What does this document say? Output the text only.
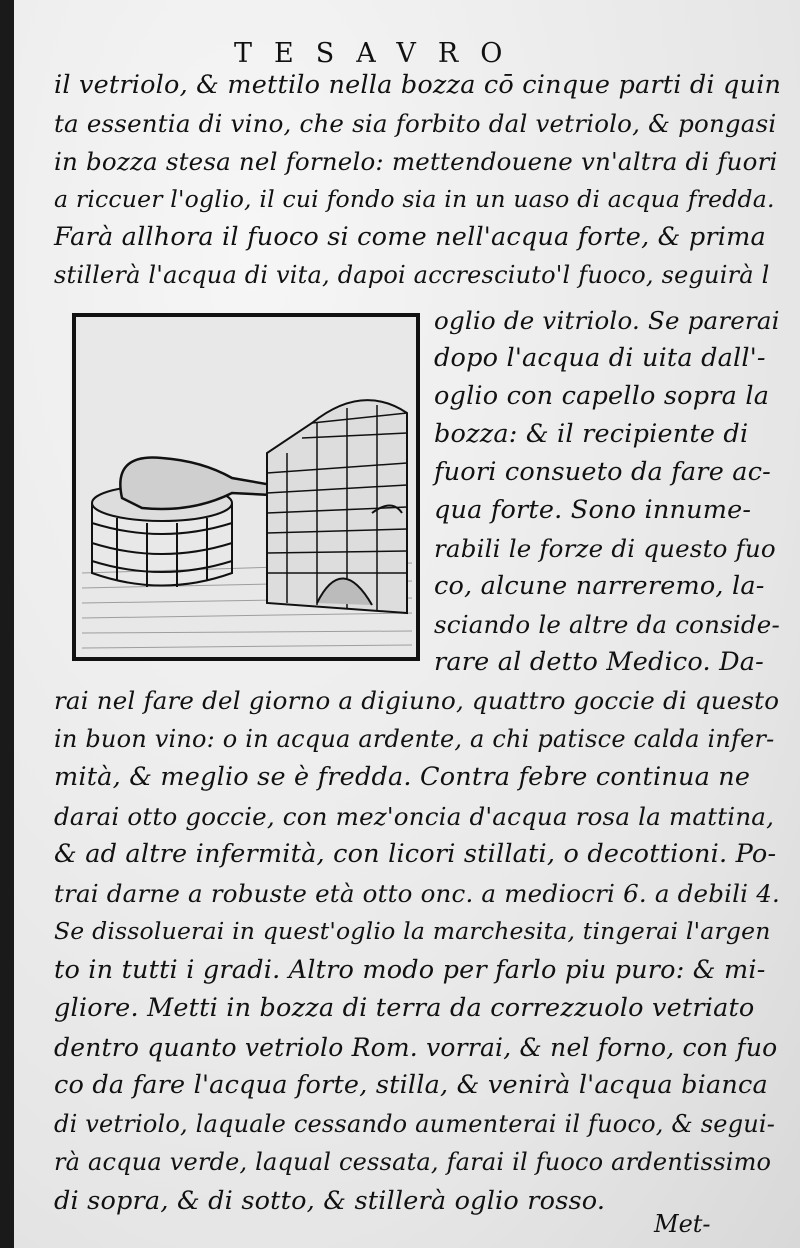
TESAVRO
il vetriolo, & mettilo nella bozza cō cinque parti di quin
ta essentia di vino, che sia forbito dal vetriolo, & pongasi
in bozza stesa nel fornelo: mettendouene vn'altra di fuori
a riccuer l'oglio, il cui fondo sia in un uaso di acqua fredda.
Farà allhora il fuoco si come nell'acqua forte, & prima
stillerà l'acqua di vita, dapoi accresciuto'l fuoco, seguirà l
oglio de vitriolo. Se parerai
dopo l'acqua di uita dall'-
oglio con capello sopra la
bozza: & il recipiente di
fuori consueto da fare ac-
qua forte. Sono innume-
rabili le forze di questo fuo
co, alcune narreremo, la-
sciando le altre da conside-
rare al detto Medico. Da-
rai nel fare del giorno a digiuno, quattro goccie di questo
in buon vino: o in acqua ardente, a chi patisce calda infer-
mità, & meglio se è fredda. Contra febre continua ne
darai otto goccie, con mez'oncia d'acqua rosa la mattina,
& ad altre infermità, con licori stillati, o decottioni. Po-
trai darne a robuste età otto onc. a mediocri 6. a debili 4.
Se dissoluerai in quest'oglio la marchesita, tingerai l'argen
to in tutti i gradi. Altro modo per farlo piu puro: & mi-
gliore. Metti in bozza di terra da correzzuolo vetriato
dentro quanto vetriolo Rom. vorrai, & nel forno, con fuo
co da fare l'acqua forte, stilla, & venirà l'acqua bianca
di vetriolo, laquale cessando aumenterai il fuoco, & segui-
rà acqua verde, laqual cessata, farai il fuoco ardentissimo
di sopra, & di sotto, & stillerà oglio rosso.
Met-
